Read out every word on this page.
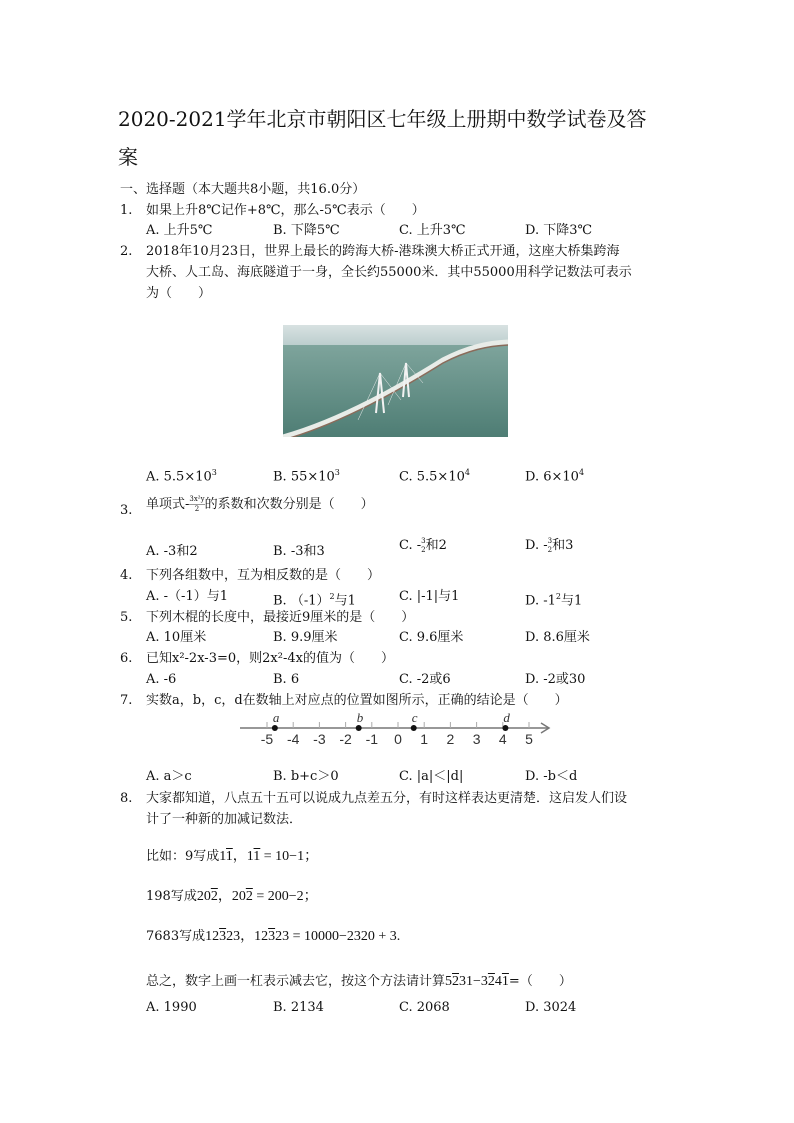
2020-2021学年北京市朝阳区七年级上册期中数学试卷及答
案
一、选择题（本大题共8小题，共16.0分）
1. 如果上升8℃记作+8℃，那么-5℃表示（　　）
A. 上升5℃	B. 下降5℃	C. 上升3℃	D. 下降3℃
2. 2018年10月23日，世界上最长的跨海大桥-港珠澳大桥正式开通，这座大桥集跨海
大桥、人工岛、海底隧道于一身，全长约55000米．其中55000用科学记数法可表示
为（　　）
A. $5.5\times 10^3$	B. $55\times 10^3$	C. $5.5\times 10^4$	D. $6\times 10^4$
3. 单项式- $\frac{\text{3x²y}}{2}$ 的系数和次数分别是（　　）
A. -3和2	B. -3和3	C. - 3
2 和2	D. - 3
2 和3
4. 下列各组数中，互为相反数的是（　　）
A. -（-1）与1	B. $(-1)^2$与1	C. |-1|与1	D. $-1^2$与1
5. 下列木棍的长度中，最接近9厘米的是（　　）
A. 10厘米	B. 9.9厘米	C. 9.6厘米	D. 8.6厘米
6. 已知x²-2x-3=0，则2x²-4x的值为（　　）
A. -6	B. 6	C. -2或6	D. -2或30
7. 实数a，b，c，d在数轴上对应点的位置如图所示，正确的结论是（　　）
-5 -4 -3 -2 -1 0 1 2 3 4 5
a	b	c	d
A. a＞c	B. b+c＞0	C. |a|＜|d|	D. -b＜d
8. 大家都知道，八点五十五可以说成九点差五分，有时这样表达更清楚．这启发人们设
计了一种新的加减记数法．
比如：9写成11，11 = 10−1；
198写成202，202 = 200−2；
7683写成12323，12323 = 10000−2320 + 3.
总之，数字上画一杠表示减去它，按这个方法请计算5231−3241=（　　）
A. 1990	B. 2134	C. 2068	D. 3024
